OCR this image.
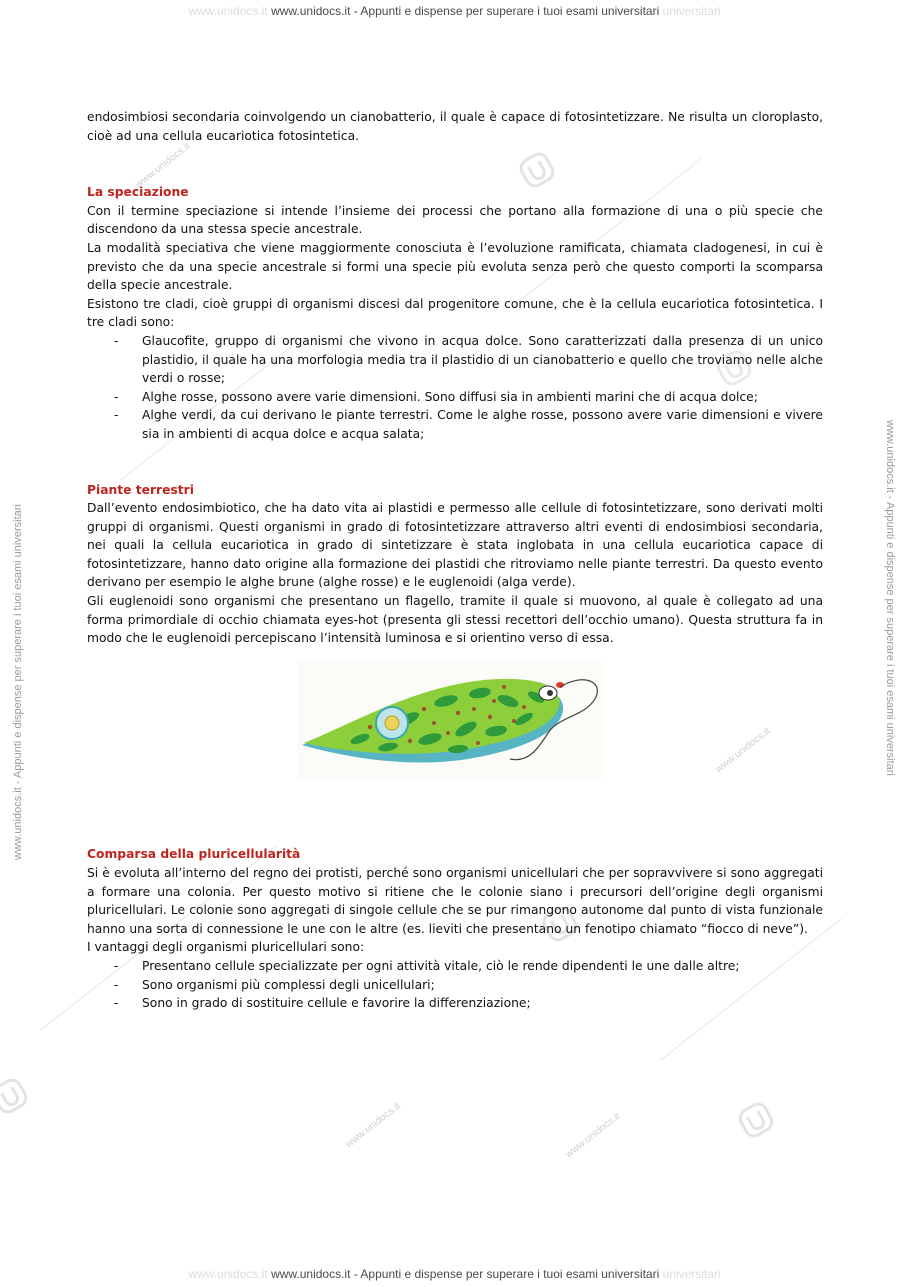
www.unidocs.it www.unidocs.it - Appunti e dispense per superare i tuoi esami universitari universitari
www.unidocs.it - Appunti e dispense per superare i tuoi esami universitari	www.unidocs.it - Appunti e dispense per superare i tuoi esami universitari
www.unidocs.it
www.unidocs.it
www.unidocs.it
www.unidocs.it

endosimbiosi secondaria coinvolgendo un cianobatterio, il quale è capace di fotosintetizzare. Ne risulta un cloroplasto, cioè ad una cellula eucariotica fotosintetica.

La speciazione

Con il termine speciazione si intende l’insieme dei processi che portano alla formazione di una o più specie che discendono da una stessa specie ancestrale.

La modalità speciativa che viene maggiormente conosciuta è l’evoluzione ramificata, chiamata cladogenesi, in cui è previsto che da una specie ancestrale si formi una specie più evoluta senza però che questo comporti la scomparsa della specie ancestrale.

Esistono tre cladi, cioè gruppi di organismi discesi dal progenitore comune, che è la cellula eucariotica fotosintetica. I tre cladi sono:

- Glaucofite, gruppo di organismi che vivono in acqua dolce. Sono caratterizzati dalla presenza di un unico plastidio, il quale ha una morfologia media tra il plastidio di un cianobatterio e quello che troviamo nelle alche verdi o rosse;
- Alghe rosse, possono avere varie dimensioni. Sono diffusi sia in ambienti marini che di acqua dolce;
- Alghe verdi, da cui derivano le piante terrestri. Come le alghe rosse, possono avere varie dimensioni e vivere sia in ambienti di acqua dolce e acqua salata;

Piante terrestri

Dall’evento endosimbiotico, che ha dato vita ai plastidi e permesso alle cellule di fotosintetizzare, sono derivati molti gruppi di organismi. Questi organismi in grado di fotosintetizzare attraverso altri eventi di endosimbiosi secondaria, nei quali la cellula eucariotica in grado di sintetizzare è stata inglobata in una cellula eucariotica capace di fotosintetizzare, hanno dato origine alla formazione dei plastidi che ritroviamo nelle piante terrestri. Da questo evento derivano per esempio le alghe brune (alghe rosse) e le euglenoidi (alga verde).

Gli euglenoidi sono organismi che presentano un flagello, tramite il quale si muovono, al quale è collegato ad una forma primordiale di occhio chiamata eyes-hot (presenta gli stessi recettori dell’occhio umano). Questa struttura fa in modo che le euglenoidi percepiscano l’intensità luminosa e si orientino verso di essa.

Comparsa della pluricellularità

Si è evoluta all’interno del regno dei protisti, perché sono organismi unicellulari che per sopravvivere si sono aggregati a formare una colonia. Per questo motivo si ritiene che le colonie siano i precursori dell’origine degli organismi pluricellulari. Le colonie sono aggregati di singole cellule che se pur rimangono autonome dal punto di vista funzionale hanno una sorta di connessione le une con le altre (es. lieviti che presentano un fenotipo chiamato “fiocco di neve”).

I vantaggi degli organismi pluricellulari sono:

- Presentano cellule specializzate per ogni attività vitale, ciò le rende dipendenti le une dalle altre;
- Sono organismi più complessi degli unicellulari;
- Sono in grado di sostituire cellule e favorire la differenziazione;
www.unidocs.it www.unidocs.it - Appunti e dispense per superare i tuoi esami universitari universitari
